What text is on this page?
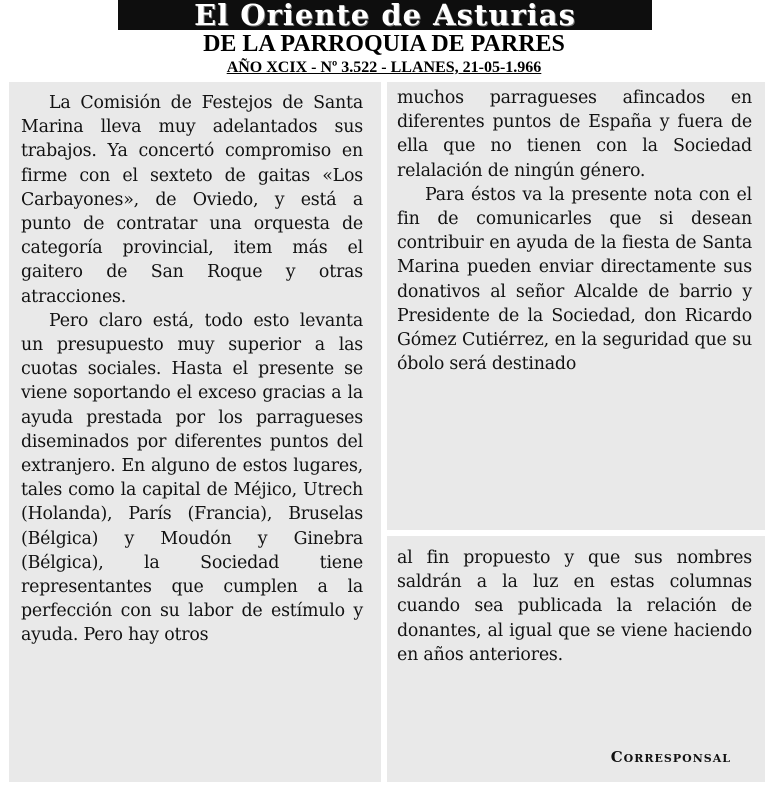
El Oriente de Asturias
DE LA PARROQUIA DE PARRES
AÑO XCIX - Nº 3.522 - LLANES, 21-05-1.966

La Comisión de Festejos de Santa Marina lleva muy adelantados sus trabajos. Ya concertó compromiso en firme con el sexteto de gaitas «Los Carbayones», de Oviedo, y está a punto de contratar una orquesta de categoría provincial, item más el gaitero de San Roque y otras atracciones.

Pero claro está, todo esto levanta un presupuesto muy superior a las cuotas sociales. Hasta el presente se viene soportando el exceso gracias a la ayuda prestada por los parragueses diseminados por diferentes puntos del extranjero. En alguno de estos lugares, tales como la capital de Méjico, Utrech (Holanda), París (Francia), Bruselas (Bélgica) y Moudón y Ginebra (Bélgica), la Sociedad tiene representantes que cumplen a la perfección con su labor de estímulo y ayuda. Pero hay otros

muchos parragueses afincados en diferentes puntos de España y fuera de ella que no tienen con la Sociedad relalación de ningún género.

Para éstos va la presente nota con el fin de comunicarles que si desean contribuir en ayuda de la fiesta de Santa Marina pueden enviar directamente sus donativos al señor Alcalde de barrio y Presidente de la Sociedad, don Ricardo Gómez Cutiérrez, en la seguridad que su óbolo será destinado

al fin propuesto y que sus nombres saldrán a la luz en estas columnas cuando sea publicada la relación de donantes, al igual que se viene haciendo en años anteriores.

Corresponsal
